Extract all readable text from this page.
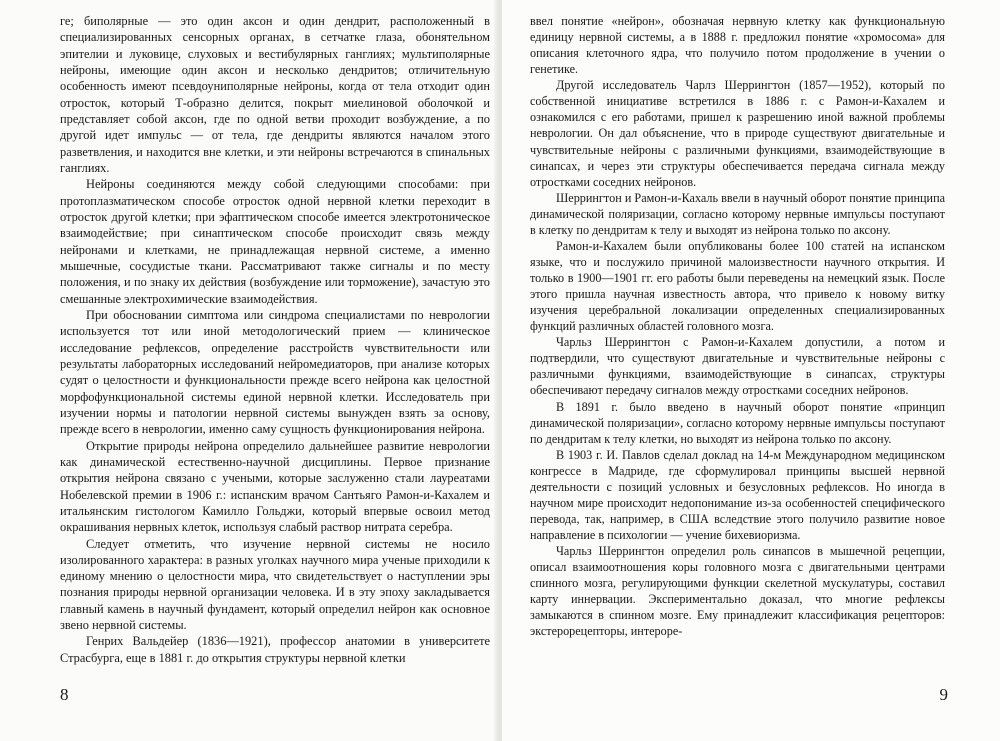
ге; биполярные — это один аксон и один дендрит, расположенный в специализированных сенсорных органах, в сетчатке глаза, обонятельном эпителии и луковице, слуховых и вестибулярных ганглиях; мультиполярные нейроны, имеющие один аксон и несколько дендритов; отличительную особенность имеют псевдоуниполярные нейроны, когда от тела отходит один отросток, который Т-образно делится, покрыт миелиновой оболочкой и представляет собой аксон, где по одной ветви проходит возбуждение, а по другой идет импульс — от тела, где дендриты являются началом этого разветвления, и находится вне клетки, и эти нейроны встречаются в спинальных ганглиях.

Нейроны соединяются между собой следующими способами: при протоплазматическом способе отросток одной нервной клетки переходит в отросток другой клетки; при эфаптическом способе имеется электротоническое взаимодействие; при синаптическом способе происходит связь между нейронами и клетками, не принадлежащая нервной системе, а именно мышечные, сосудистые ткани. Рассматривают также сигналы и по месту положения, и по знаку их действия (возбуждение или торможение), зачастую это смешанные электрохимические взаимодействия.

При обосновании симптома или синдрома специалистами по неврологии используется тот или иной методологический прием — клиническое исследование рефлексов, определение расстройств чувствительности или результаты лабораторных исследований нейромедиаторов, при анализе которых судят о целостности и функциональности прежде всего нейрона как целостной морфофункциональной системы единой нервной клетки. Исследователь при изучении нормы и патологии нервной системы вынужден взять за основу, прежде всего в неврологии, именно саму сущность функционирования нейрона.

Открытие природы нейрона определило дальнейшее развитие неврологии как динамической естественно-научной дисциплины. Первое признание открытия нейрона связано с учеными, которые заслуженно стали лауреатами Нобелевской премии в 1906 г.: испанским врачом Сантьяго Рамон-и-Кахалем и итальянским гистологом Камилло Гольджи, который впервые освоил метод окрашивания нервных клеток, используя слабый раствор нитрата серебра.

Следует отметить, что изучение нервной системы не носило изолированного характера: в разных уголках научного мира ученые приходили к единому мнению о целостности мира, что свидетельствует о наступлении эры познания природы нервной организации человека. И в эту эпоху закладывается главный камень в научный фундамент, который определил нейрон как основное звено нервной системы.

Генрих Вальдейер (1836—1921), профессор анатомии в университете Страсбурга, еще в 1881 г. до открытия структуры нервной клетки

8

ввел понятие «нейрон», обозначая нервную клетку как функциональную единицу нервной системы, а в 1888 г. предложил понятие «хромосома» для описания клеточного ядра, что получило потом продолжение в учении о генетике.

Другой исследователь Чарлз Шеррингтон (1857—1952), который по собственной инициативе встретился в 1886 г. с Рамон-и-Кахалем и ознакомился с его работами, пришел к разрешению иной важной проблемы неврологии. Он дал объяснение, что в природе существуют двигательные и чувствительные нейроны с различными функциями, взаимодействующие в синапсах, и через эти структуры обеспечивается передача сигнала между отростками соседних нейронов.

Шеррингтон и Рамон-и-Кахаль ввели в научный оборот понятие принципа динамической поляризации, согласно которому нервные импульсы поступают в клетку по дендритам к телу и выходят из нейрона только по аксону.

Рамон-и-Кахалем были опубликованы более 100 статей на испанском языке, что и послужило причиной малоизвестности научного открытия. И только в 1900—1901 гг. его работы были переведены на немецкий язык. После этого пришла научная известность автора, что привело к новому витку изучения церебральной локализации определенных специализированных функций различных областей головного мозга.

Чарльз Шеррингтон с Рамон-и-Кахалем допустили, а потом и подтвердили, что существуют двигательные и чувствительные нейроны с различными функциями, взаимодействующие в синапсах, структуры обеспечивают передачу сигналов между отростками соседних нейронов.

В 1891 г. было введено в научный оборот понятие «принцип динамической поляризации», согласно которому нервные импульсы поступают по дендритам к телу клетки, но выходят из нейрона только по аксону.

В 1903 г. И. Павлов сделал доклад на 14-м Международном медицинском конгрессе в Мадриде, где сформулировал принципы высшей нервной деятельности с позиций условных и безусловных рефлексов. Но иногда в научном мире происходит недопонимание из-за особенностей специфического перевода, так, например, в США вследствие этого получило развитие новое направление в психологии — учение бихевиоризма.

Чарльз Шеррингтон определил роль синапсов в мышечной рецепции, описал взаимоотношения коры головного мозга с двигательными центрами спинного мозга, регулирующими функции скелетной мускулатуры, составил карту иннервации. Экспериментально доказал, что многие рефлексы замыкаются в спинном мозге. Ему принадлежит классификация рецепторов: экстерорецепторы, интероре-

9
